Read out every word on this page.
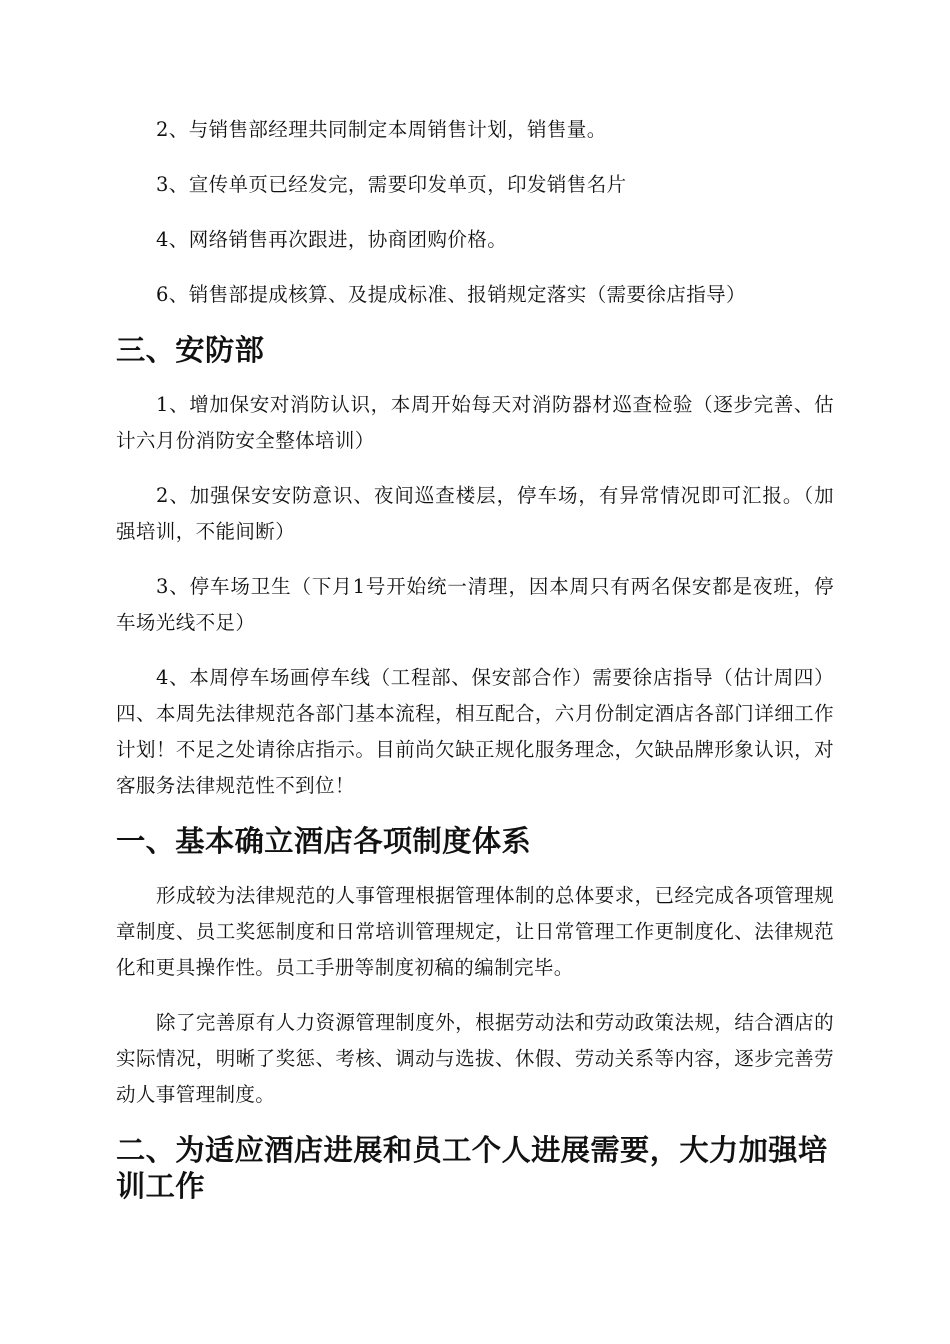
2、与销售部经理共同制定本周销售计划，销售量。

3、宣传单页已经发完，需要印发单页，印发销售名片

4、网络销售再次跟进，协商团购价格。

6、销售部提成核算、及提成标准、报销规定落实（需要徐店指导）

三、安防部

1、增加保安对消防认识，本周开始每天对消防器材巡查检验（逐步完善、估计六月份消防安全整体培训）

2、加强保安安防意识、夜间巡查楼层，停车场，有异常情况即可汇报。（加强培训，不能间断）

3、停车场卫生（下月1号开始统一清理，因本周只有两名保安都是夜班，停车场光线不足）

4、本周停车场画停车线（工程部、保安部合作）需要徐店指导（估计周四）四、本周先法律规范各部门基本流程，相互配合，六月份制定酒店各部门详细工作计划！不足之处请徐店指示。目前尚欠缺正规化服务理念，欠缺品牌形象认识，对客服务法律规范性不到位！

一、基本确立酒店各项制度体系

形成较为法律规范的人事管理根据管理体制的总体要求，已经完成各项管理规章制度、员工奖惩制度和日常培训管理规定，让日常管理工作更制度化、法律规范化和更具操作性。员工手册等制度初稿的编制完毕。

除了完善原有人力资源管理制度外，根据劳动法和劳动政策法规，结合酒店的实际情况，明晰了奖惩、考核、调动与选拔、休假、劳动关系等内容，逐步完善劳动人事管理制度。

二、为适应酒店进展和员工个人进展需要，大力加强培训工作
